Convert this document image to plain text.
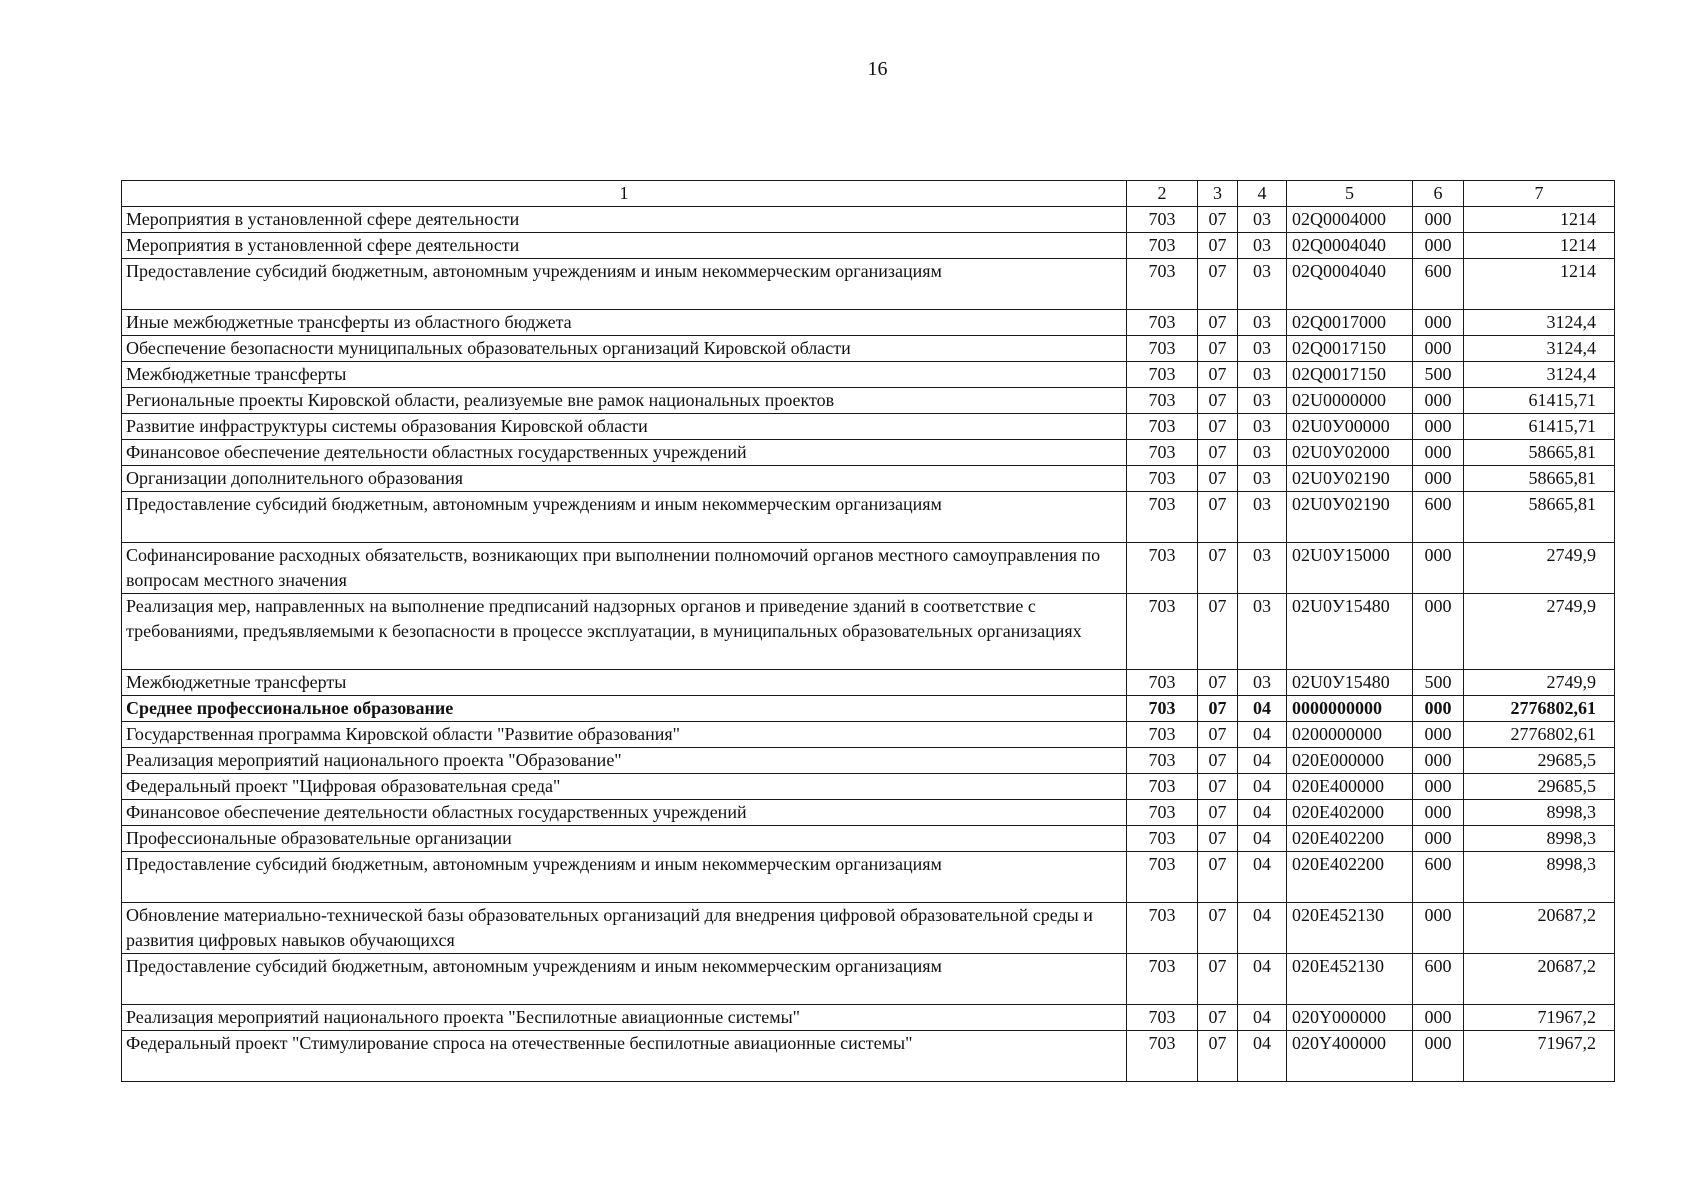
16
1	2	3	4	5	6	7
Мероприятия в установленной сфере деятельности	703	07	03	02Q0004000	000	1214
Мероприятия в установленной сфере деятельности	703	07	03	02Q0004040	000	1214
Предоставление субсидий бюджетным, автономным учреждениям и иным некоммерческим организациям	703	07	03	02Q0004040	600	1214
Иные межбюджетные трансферты из областного бюджета	703	07	03	02Q0017000	000	3124,4
Обеспечение безопасности муниципальных образовательных организаций Кировской области	703	07	03	02Q0017150	000	3124,4
Межбюджетные трансферты	703	07	03	02Q0017150	500	3124,4
Региональные проекты Кировской области, реализуемые вне рамок национальных проектов	703	07	03	02U0000000	000	61415,71
Развитие инфраструктуры системы образования Кировской области	703	07	03	02U0У00000	000	61415,71
Финансовое обеспечение деятельности областных государственных учреждений	703	07	03	02U0У02000	000	58665,81
Организации дополнительного образования	703	07	03	02U0У02190	000	58665,81
Предоставление субсидий бюджетным, автономным учреждениям и иным некоммерческим организациям	703	07	03	02U0У02190	600	58665,81
Софинансирование расходных обязательств, возникающих при выполнении полномочий органов местного самоуправления по вопросам местного значения	703	07	03	02U0У15000	000	2749,9
Реализация мер, направленных на выполнение предписаний надзорных органов и приведение зданий в соответствие с требованиями, предъявляемыми к безопасности в процессе эксплуатации, в муниципальных образовательных организациях	703	07	03	02U0У15480	000	2749,9
Межбюджетные трансферты	703	07	03	02U0У15480	500	2749,9
Среднее профессиональное образование	703	07	04	0000000000	000	2776802,61
Государственная программа Кировской области "Развитие образования"	703	07	04	0200000000	000	2776802,61
Реализация мероприятий национального проекта "Образование"	703	07	04	020E000000	000	29685,5
Федеральный проект "Цифровая образовательная среда"	703	07	04	020E400000	000	29685,5
Финансовое обеспечение деятельности областных государственных учреждений	703	07	04	020E402000	000	8998,3
Профессиональные образовательные организации	703	07	04	020E402200	000	8998,3
Предоставление субсидий бюджетным, автономным учреждениям и иным некоммерческим организациям	703	07	04	020E402200	600	8998,3
Обновление материально-технической базы образовательных организаций для внедрения цифровой образовательной среды и развития цифровых навыков обучающихся	703	07	04	020E452130	000	20687,2
Предоставление субсидий бюджетным, автономным учреждениям и иным некоммерческим организациям	703	07	04	020E452130	600	20687,2
Реализация мероприятий национального проекта "Беспилотные авиационные системы"	703	07	04	020Y000000	000	71967,2
Федеральный проект "Стимулирование спроса на отечественные беспилотные авиационные системы"	703	07	04	020Y400000	000	71967,2
